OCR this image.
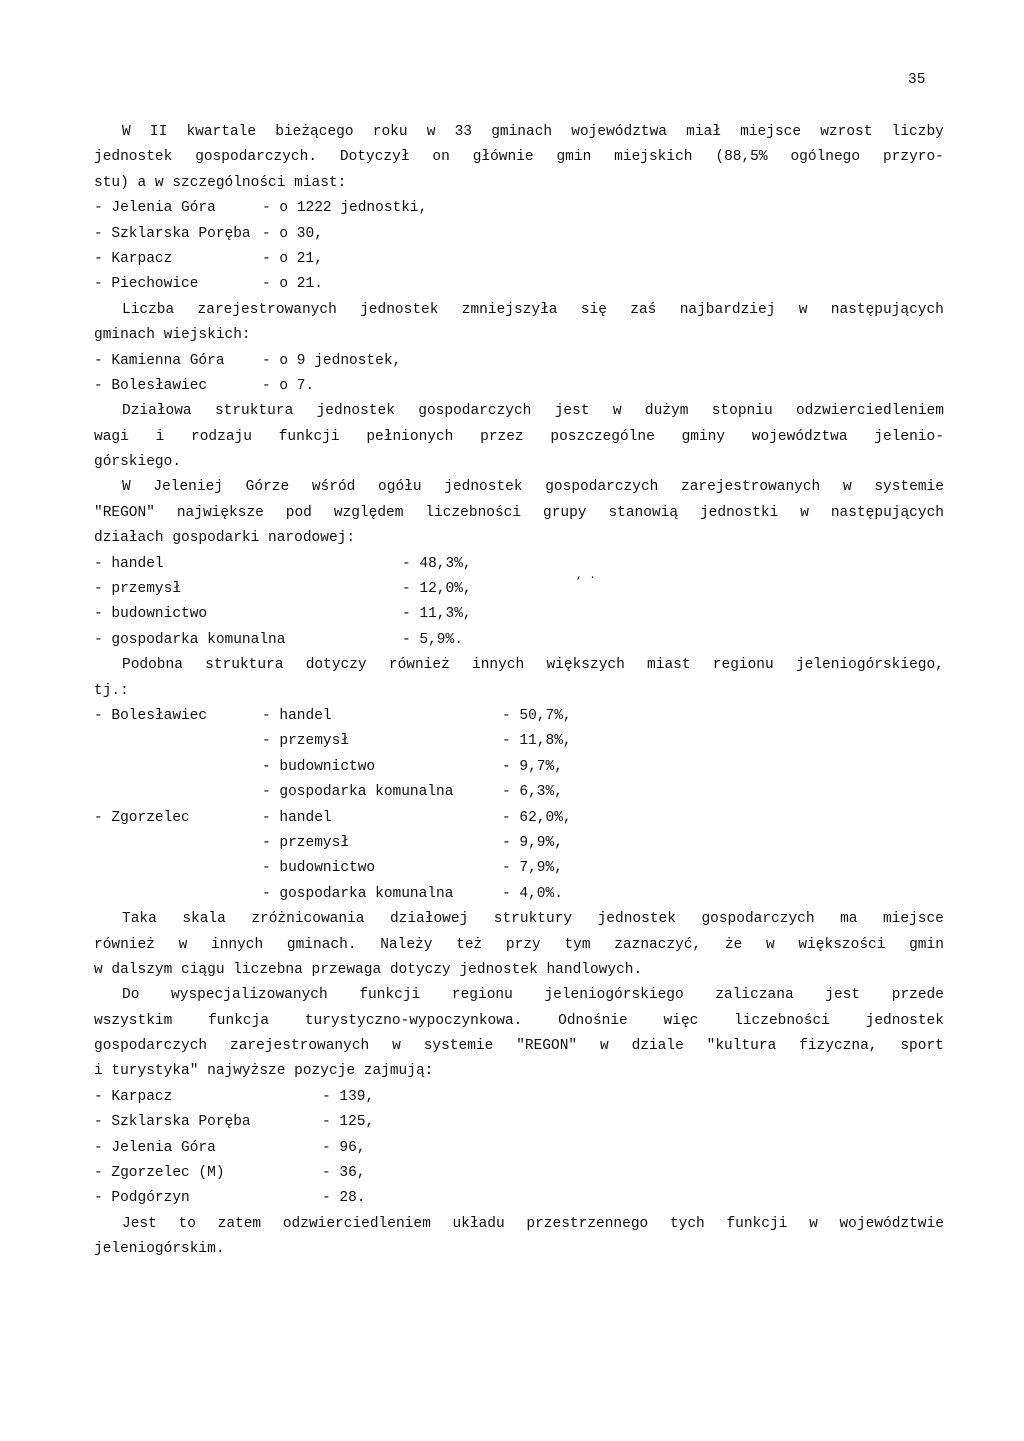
35
W II kwartale bieżącego roku w 33 gminach województwa miał miejsce wzrost liczby
jednostek gospodarczych. Dotyczył on głównie gmin miejskich (88,5% ogólnego przyro-
stu) a w szczególności miast:
- Jelenia Góra	- o 1222 jednostki,
- Szklarska Poręba - o 30,
- Karpacz	- o 21,
- Piechowice	- o 21.
Liczba zarejestrowanych jednostek zmniejszyła się zaś najbardziej w następujących
gminach wiejskich:
- Kamienna Góra	- o 9 jednostek,
- Bolesławiec	- o 7.
Działowa struktura jednostek gospodarczych jest w dużym stopniu odzwierciedleniem
wagi i rodzaju funkcji pełnionych przez poszczególne gminy województwa jelenio-
górskiego.
W Jeleniej Górze wśród ogółu jednostek gospodarczych zarejestrowanych w systemie
"REGON" największe pod względem liczebności grupy stanowią jednostki w następujących
działach gospodarki narodowej:
- handel	- 48,3%,
- przemysł	- 12,0%,
- budownictwo	- 11,3%,
- gospodarka komunalna	- 5,9%.
Podobna struktura dotyczy również innych większych miast regionu jeleniogórskiego,
tj.:
- Bolesławiec	- handel	- 50,7%,
- przemysł	- 11,8%,
- budownictwo	- 9,7%,
- gospodarka komunalna	- 6,3%,
- Zgorzelec	- handel	- 62,0%,
- przemysł	- 9,9%,
- budownictwo	- 7,9%,
- gospodarka komunalna	- 4,0%.
Taka skala zróżnicowania działowej struktury jednostek gospodarczych ma miejsce
również w innych gminach. Należy też przy tym zaznaczyć, że w większości gmin
w dalszym ciągu liczebna przewaga dotyczy jednostek handlowych.
Do wyspecjalizowanych funkcji regionu jeleniogórskiego zaliczana jest przede
wszystkim funkcja turystyczno-wypoczynkowa. Odnośnie więc liczebności jednostek
gospodarczych zarejestrowanych w systemie "REGON" w dziale "kultura fizyczna, sport
i turystyka" najwyższe pozycje zajmują:
- Karpacz	- 139,
- Szklarska Poręba	- 125,
- Jelenia Góra	- 96,
- Zgorzelec (M)	- 36,
- Podgórzyn	- 28.
Jest to zatem odzwierciedleniem układu przestrzennego tych funkcji w województwie
jeleniogórskim.
, .
